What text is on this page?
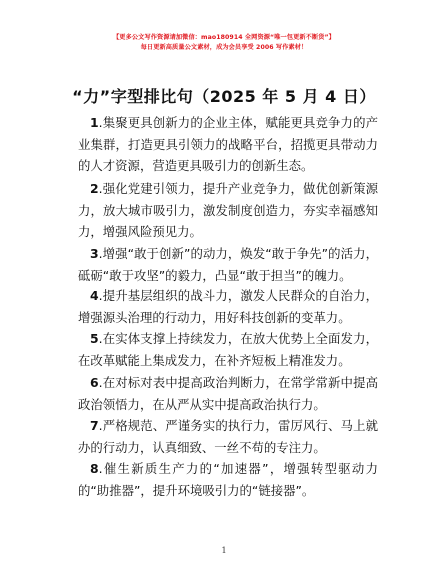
【更多公文写作资源请加微信：mao180914 全网资源“唯一包更新不断货”】
每日更新高质量公文素材，成为会员享受 2006 写作素材！
“力”字型排比句（2025 年 5 月 4 日）
1.集聚更具创新力的企业主体，赋能更具竞争力的产业集群，打造更具引领力的战略平台，招揽更具带动力的人才资源，营造更具吸引力的创新生态。
2.强化党建引领力，提升产业竞争力，做优创新策源力，放大城市吸引力，激发制度创造力，夯实幸福感知力，增强风险预见力。
3.增强“敢于创新”的动力，焕发“敢于争先”的活力，砥砺“敢于攻坚”的毅力，凸显“敢于担当”的魄力。
4.提升基层组织的战斗力，激发人民群众的自治力，增强源头治理的行动力，用好科技创新的变革力。
5.在实体支撑上持续发力，在放大优势上全面发力，在改革赋能上集成发力，在补齐短板上精准发力。
6.在对标对表中提高政治判断力，在常学常新中提高政治领悟力，在从严从实中提高政治执行力。
7.严格规范、严谨务实的执行力，雷厉风行、马上就办的行动力，认真细致、一丝不苟的专注力。
8.催生新质生产力的“加速器”，增强转型驱动力的“助推器”，提升环境吸引力的“链接器”。
1
